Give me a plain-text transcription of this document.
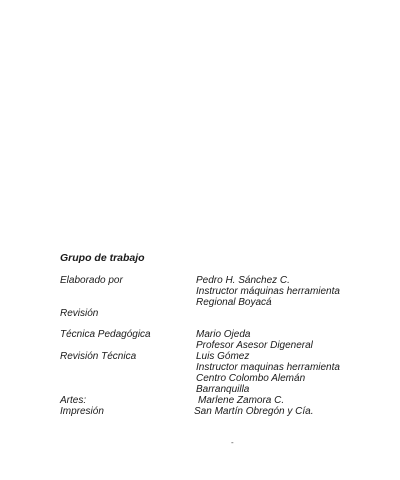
Grupo de trabajo
Elaborado por	Pedro H. Sánchez C.
Instructor máquinas herramienta
Regional Boyacá
Revisión
Técnica Pedagógica	Mario Ojeda
Profesor Asesor Digeneral
Revisión Técnica	Luis Gómez
Instructor maquinas herramienta
Centro Colombo Alemán
Barranquilla
Artes:	Marlene Zamora C.
Impresión	San Martín Obregón y Cía.
-
